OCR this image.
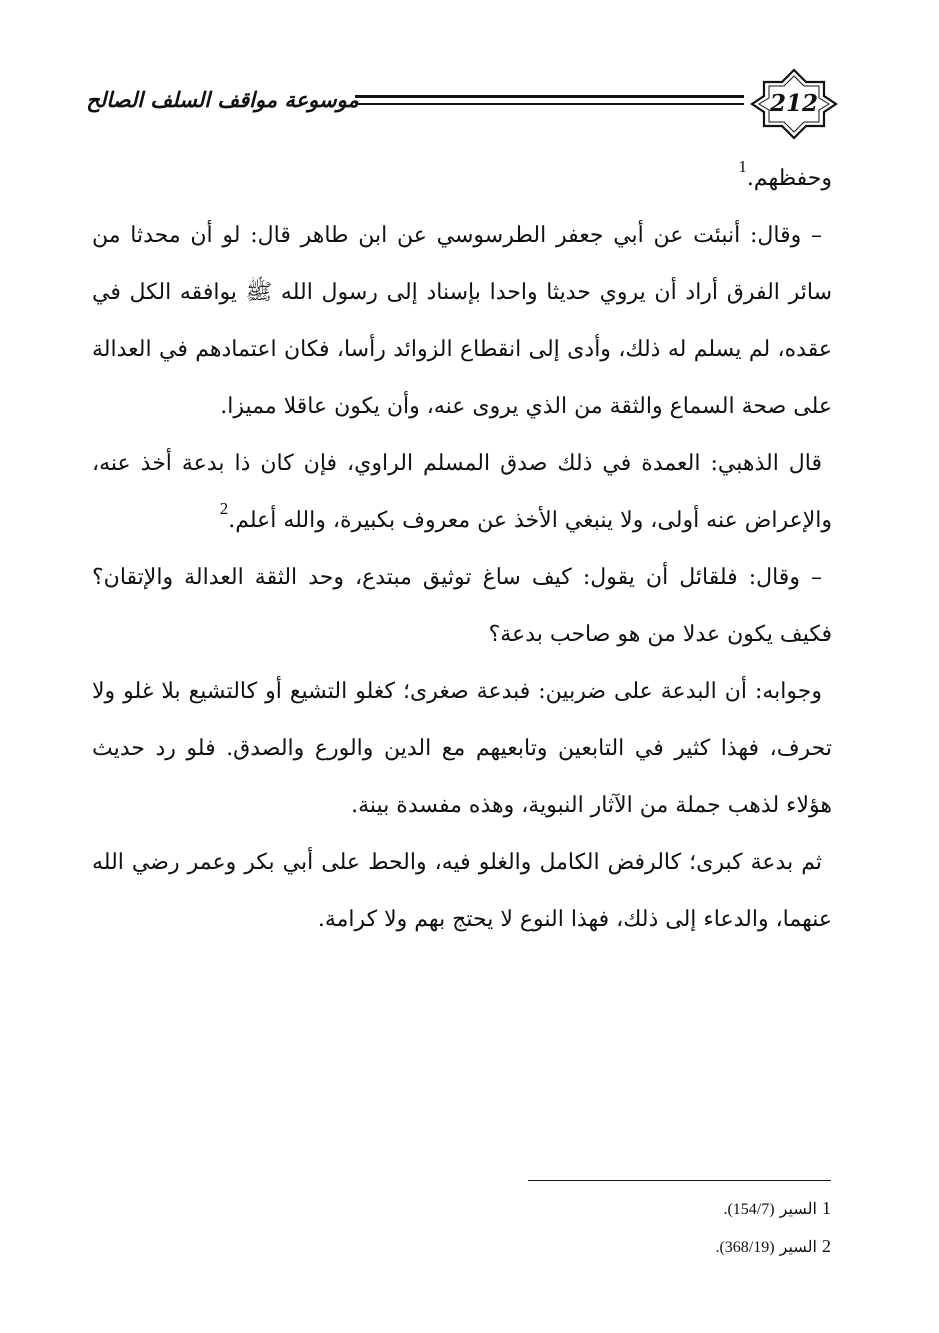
موسوعة مواقف السلف الصالح	212

وحفظهم.$^1$

– وقال: أنبئت عن أبي جعفر الطرسوسي عن ابن طاهر قال: لو أن محدثا من سائر الفرق أراد أن يروي حديثا واحدا بإسناد إلى رسول الله ﷺ يوافقه الكل في عقده، لم يسلم له ذلك، وأدى إلى انقطاع الزوائد رأسا، فكان اعتمادهم في العدالة على صحة السماع والثقة من الذي يروى عنه، وأن يكون عاقلا مميزا.

قال الذهبي: العمدة في ذلك صدق المسلم الراوي، فإن كان ذا بدعة أخذ عنه، والإعراض عنه أولى، ولا ينبغي الأخذ عن معروف بكبيرة، والله أعلم.$^2$

– وقال: فلقائل أن يقول: كيف ساغ توثيق مبتدع، وحد الثقة العدالة والإتقان؟ فكيف يكون عدلا من هو صاحب بدعة؟

وجوابه: أن البدعة على ضربين: فبدعة صغرى؛ كغلو التشيع أو كالتشيع بلا غلو ولا تحرف، فهذا كثير في التابعين وتابعيهم مع الدين والورع والصدق. فلو رد حديث هؤلاء لذهب جملة من الآثار النبوية، وهذه مفسدة بينة.

ثم بدعة كبرى؛ كالرفض الكامل والغلو فيه، والحط على أبي بكر وعمر رضي الله عنهما، والدعاء إلى ذلك، فهذا النوع لا يحتج بهم ولا كرامة.

1 السير (154/7).
2 السير (368/19).
